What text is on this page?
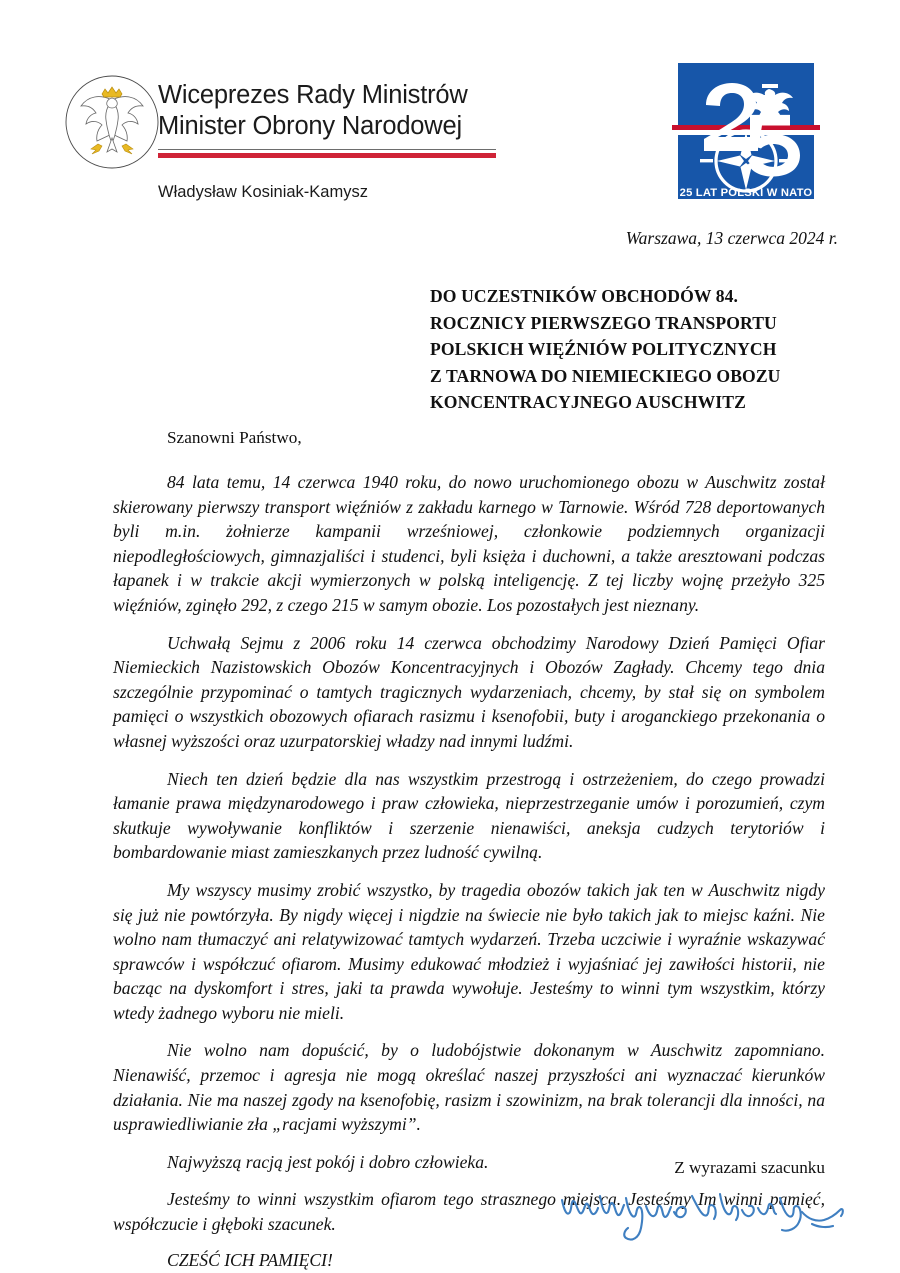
Wiceprezes Rady Ministrów
Minister Obrony Narodowej
Władysław Kosiniak-Kamysz	25 LAT POLSKI W NATO
Warszawa, 13 czerwca 2024 r.
DO UCZESTNIKÓW OBCHODÓW 84.
ROCZNICY PIERWSZEGO TRANSPORTU
POLSKICH WIĘŹNIÓW POLITYCZNYCH
Z TARNOWA DO NIEMIECKIEGO OBOZU
KONCENTRACYJNEGO AUSCHWITZ

Szanowni Państwo,

84 lata temu, 14 czerwca 1940 roku, do nowo uruchomionego obozu w Auschwitz został skierowany pierwszy transport więźniów z zakładu karnego w Tarnowie. Wśród 728 deportowanych byli m.in. żołnierze kampanii wrześniowej, członkowie podziemnych organizacji niepodległościowych, gimnazjaliści i studenci, byli księża i duchowni, a także aresztowani podczas łapanek i w trakcie akcji wymierzonych w polską inteligencję. Z tej liczby wojnę przeżyło 325 więźniów, zginęło 292, z czego 215 w samym obozie. Los pozostałych jest nieznany.

Uchwałą Sejmu z 2006 roku 14 czerwca obchodzimy Narodowy Dzień Pamięci Ofiar Niemieckich Nazistowskich Obozów Koncentracyjnych i Obozów Zagłady. Chcemy tego dnia szczególnie przypominać o tamtych tragicznych wydarzeniach, chcemy, by stał się on symbolem pamięci o wszystkich obozowych ofiarach rasizmu i ksenofobii, buty i aroganckiego przekonania o własnej wyższości oraz uzurpatorskiej władzy nad innymi ludźmi.

Niech ten dzień będzie dla nas wszystkim przestrogą i ostrzeżeniem, do czego prowadzi łamanie prawa międzynarodowego i praw człowieka, nieprzestrzeganie umów i porozumień, czym skutkuje wywoływanie konfliktów i szerzenie nienawiści, aneksja cudzych terytoriów i bombardowanie miast zamieszkanych przez ludność cywilną.

My wszyscy musimy zrobić wszystko, by tragedia obozów takich jak ten w Auschwitz nigdy się już nie powtórzyła. By nigdy więcej i nigdzie na świecie nie było takich jak to miejsc kaźni. Nie wolno nam tłumaczyć ani relatywizować tamtych wydarzeń. Trzeba uczciwie i wyraźnie wskazywać sprawców i współczuć ofiarom. Musimy edukować młodzież i wyjaśniać jej zawiłości historii, nie bacząc na dyskomfort i stres, jaki ta prawda wywołuje. Jesteśmy to winni tym wszystkim, którzy wtedy żadnego wyboru nie mieli.

Nie wolno nam dopuścić, by o ludobójstwie dokonanym w Auschwitz zapomniano. Nienawiść, przemoc i agresja nie mogą określać naszej przyszłości ani wyznaczać kierunków działania. Nie ma naszej zgody na ksenofobię, rasizm i szowinizm, na brak tolerancji dla inności, na usprawiedliwianie zła „racjami wyższymi”.

Najwyższą racją jest pokój i dobro człowieka.

Jesteśmy to winni wszystkim ofiarom tego strasznego miejsca. Jesteśmy Im winni pamięć, współczucie i głęboki szacunek.

CZEŚĆ ICH PAMIĘCI!

Z wyrazami szacunku
